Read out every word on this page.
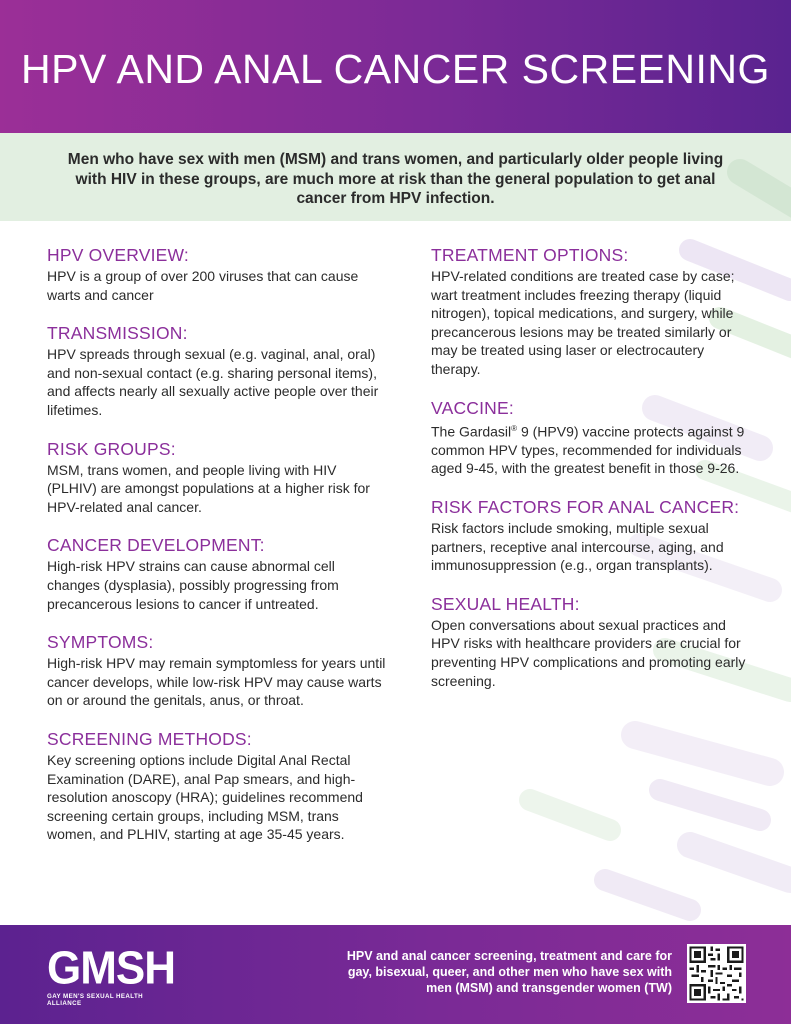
HPV AND ANAL CANCER SCREENING

Men who have sex with men (MSM) and trans women, and particularly older people living with HIV in these groups, are much more at risk than the general population to get anal cancer from HPV infection.

HPV OVERVIEW:

HPV is a group of over 200 viruses that can cause warts and cancer

TRANSMISSION:

HPV spreads through sexual (e.g. vaginal, anal, oral) and non-sexual contact (e.g. sharing personal items), and affects nearly all sexually active people over their lifetimes.

RISK GROUPS:

MSM, trans women, and people living with HIV (PLHIV) are amongst populations at a higher risk for HPV-related anal cancer.

CANCER DEVELOPMENT:

High-risk HPV strains can cause abnormal cell changes (dysplasia), possibly progressing from precancerous lesions to cancer if untreated.

SYMPTOMS:

High-risk HPV may remain symptomless for years until cancer develops, while low-risk HPV may cause warts on or around the genitals, anus, or throat.

SCREENING METHODS:

Key screening options include Digital Anal Rectal Examination (DARE), anal Pap smears, and high-resolution anoscopy (HRA); guidelines recommend screening certain groups, including MSM, trans women, and PLHIV, starting at age 35-45 years.

TREATMENT OPTIONS:

HPV-related conditions are treated case by case; wart treatment includes freezing therapy (liquid nitrogen), topical medications, and surgery, while precancerous lesions may be treated similarly or may be treated using laser or electrocautery therapy.

VACCINE:

The Gardasil® 9 (HPV9) vaccine protects against 9 common HPV types, recommended for individuals aged 9-45, with the greatest benefit in those 9-26.

RISK FACTORS FOR ANAL CANCER:

Risk factors include smoking, multiple sexual partners, receptive anal intercourse, aging, and immunosuppression (e.g., organ transplants).

SEXUAL HEALTH:

Open conversations about sexual practices and HPV risks with healthcare providers are crucial for preventing HPV complications and promoting early screening.

GMSH
GAY MEN'S SEXUAL HEALTH ALLIANCE

HPV and anal cancer screening, treatment and care for gay, bisexual, queer, and other men who have sex with men (MSM) and transgender women (TW)
